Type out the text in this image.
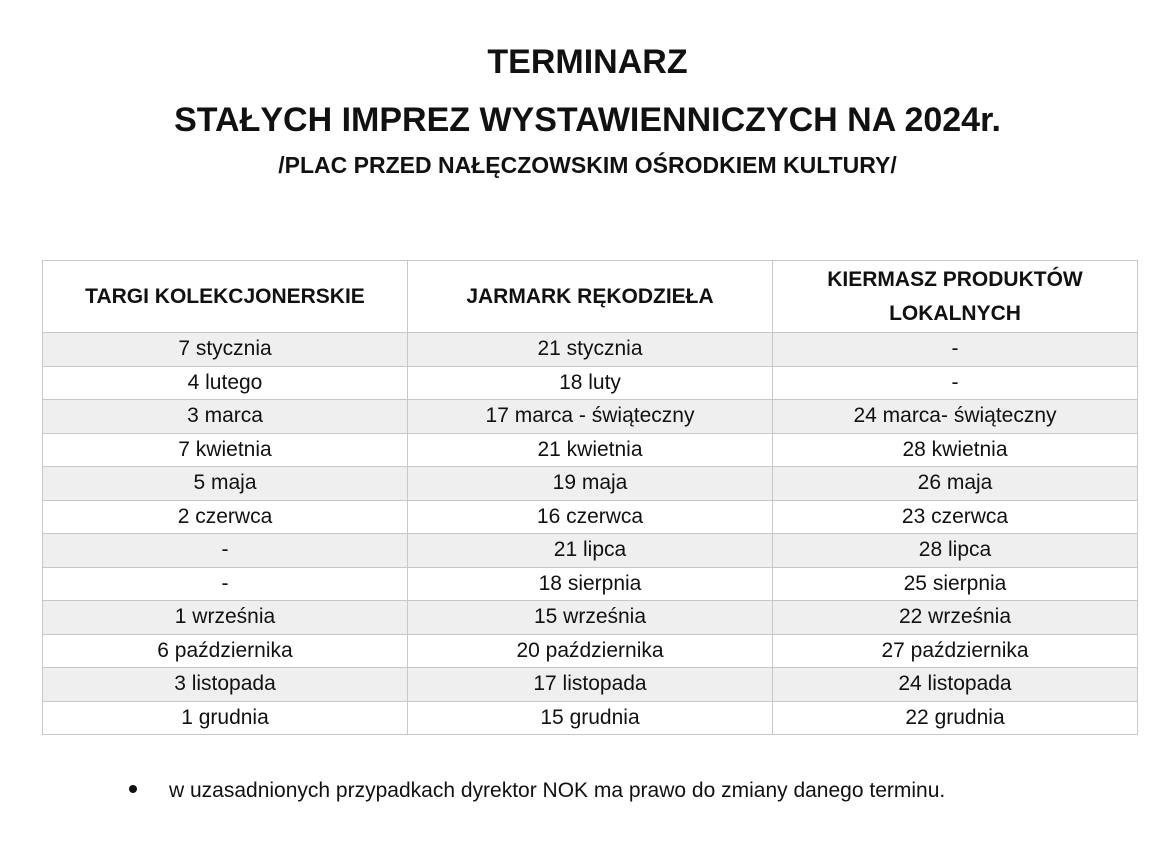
TERMINARZ
STAŁYCH IMPREZ WYSTAWIENNICZYCH NA 2024r.
/PLAC PRZED NAŁĘCZOWSKIM OŚRODKIEM KULTURY/
TARGI KOLEKCJONERSKIE	JARMARK RĘKODZIEŁA	KIERMASZ PRODUKTÓW LOKALNYCH
7 stycznia	21 stycznia	-
4 lutego	18 luty	-
3 marca	17 marca - świąteczny	24 marca- świąteczny
7 kwietnia	21 kwietnia	28 kwietnia
5 maja	19 maja	26 maja
2 czerwca	16 czerwca	23 czerwca
-	21 lipca	28 lipca
-	18 sierpnia	25 sierpnia
1 września	15 września	22 września
6 października	20 października	27 października
3 listopada	17 listopada	24 listopada
1 grudnia	15 grudnia	22 grudnia
w uzasadnionych przypadkach dyrektor NOK ma prawo do zmiany danego terminu.
